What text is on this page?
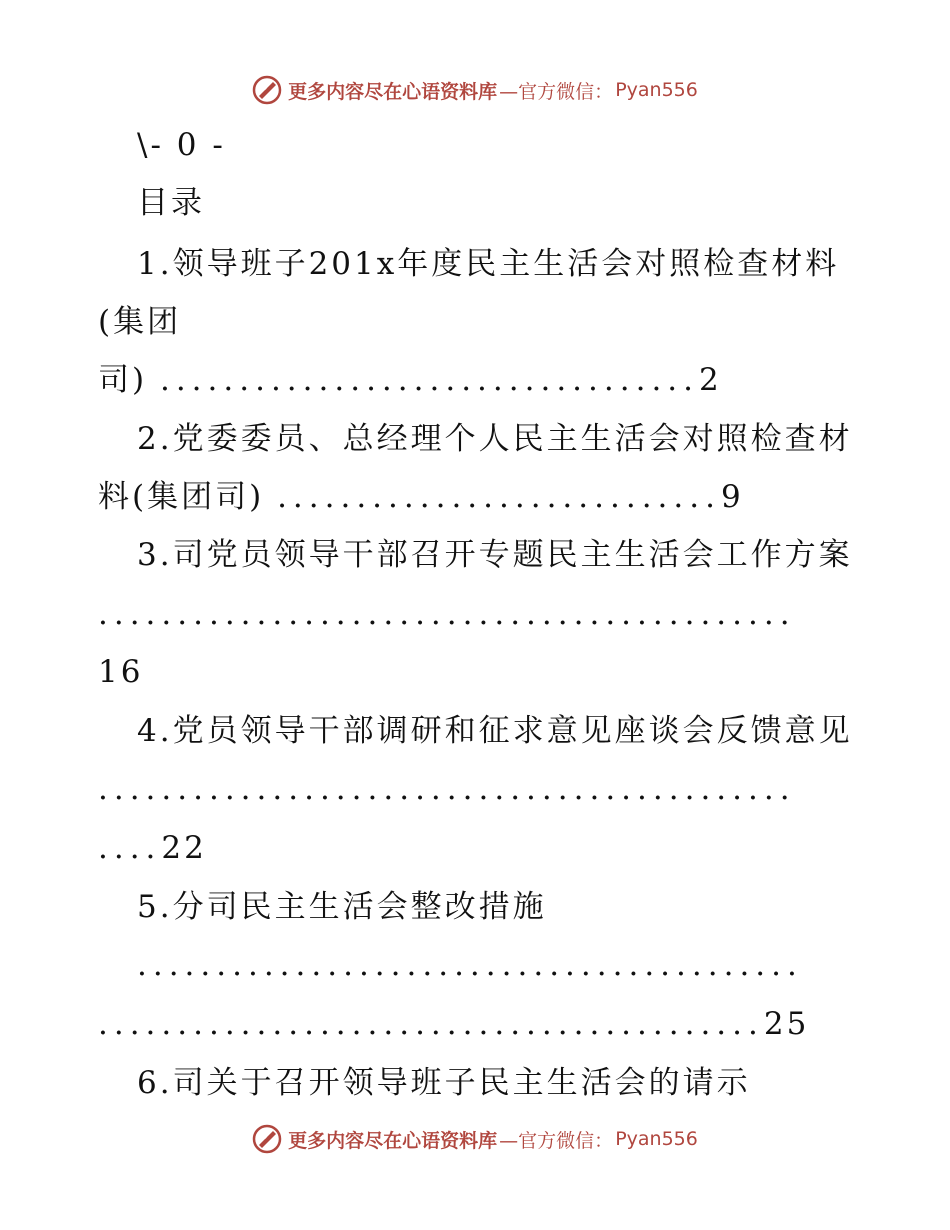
更多内容尽在心语资料库 —官方微信： Pyan556
\- 0 -
目录
1.领导班子201x年度民主生活会对照检查材料
(集团
司) ..................................2
2.党委委员、总经理个人民主生活会对照检查材
料(集团司) ............................9
3.司党员领导干部召开专题民主生活会工作方案
............................................
16
4.党员领导干部调研和征求意见座谈会反馈意见
............................................
....22
5.分司民主生活会整改措施
..........................................
..........................................25
6.司关于召开领导班子民主生活会的请示
更多内容尽在心语资料库 —官方微信： Pyan556
